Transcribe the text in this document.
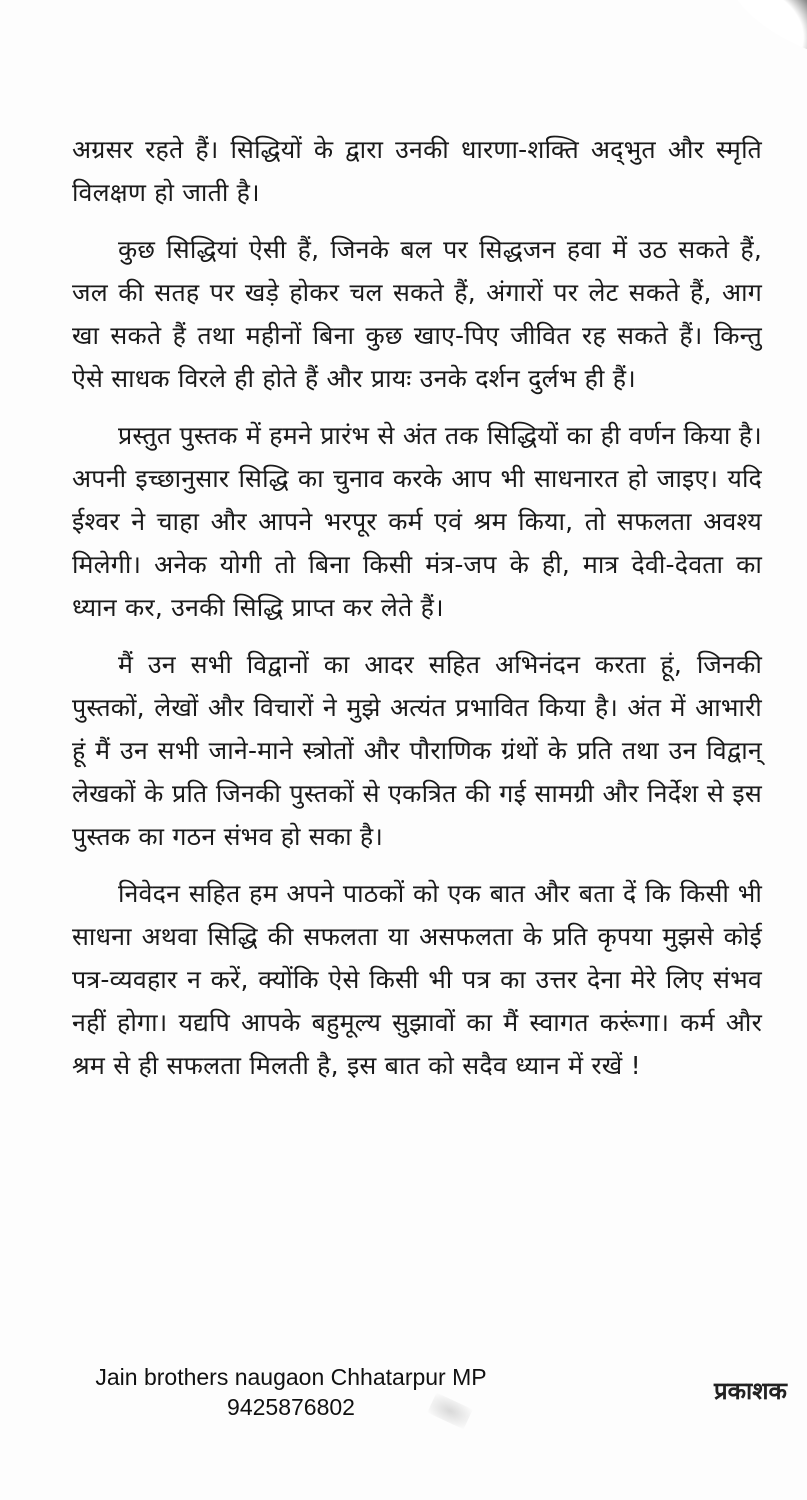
अग्रसर रहते हैं। सिद्धियों के द्वारा उनकी धारणा-शक्ति अद्‌भुत और स्मृति विलक्षण हो जाती है।

कुछ सिद्धियां ऐसी हैं, जिनके बल पर सिद्धजन हवा में उठ सकते हैं, जल की सतह पर खड़े होकर चल सकते हैं, अंगारों पर लेट सकते हैं, आग खा सकते हैं तथा महीनों बिना कुछ खाए-पिए जीवित रह सकते हैं। किन्तु ऐसे साधक विरले ही होते हैं और प्रायः उनके दर्शन दुर्लभ ही हैं।

प्रस्तुत पुस्तक में हमने प्रारंभ से अंत तक सिद्धियों का ही वर्णन किया है। अपनी इच्छानुसार सिद्धि का चुनाव करके आप भी साधनारत हो जाइए। यदि ईश्वर ने चाहा और आपने भरपूर कर्म एवं श्रम किया, तो सफलता अवश्य मिलेगी। अनेक योगी तो बिना किसी मंत्र-जप के ही, मात्र देवी-देवता का ध्यान कर, उनकी सिद्धि प्राप्त कर लेते हैं।

मैं उन सभी विद्वानों का आदर सहित अभिनंदन करता हूं, जिनकी पुस्तकों, लेखों और विचारों ने मुझे अत्यंत प्रभावित किया है। अंत में आभारी हूं मैं उन सभी जाने-माने स्त्रोतों और पौराणिक ग्रंथों के प्रति तथा उन विद्वान् लेखकों के प्रति जिनकी पुस्तकों से एकत्रित की गई सामग्री और निर्देश से इस पुस्तक का गठन संभव हो सका है।

निवेदन सहित हम अपने पाठकों को एक बात और बता दें कि किसी भी साधना अथवा सिद्धि की सफलता या असफलता के प्रति कृपया मुझसे कोई पत्र-व्यवहार न करें, क्योंकि ऐसे किसी भी पत्र का उत्तर देना मेरे लिए संभव नहीं होगा। यद्यपि आपके बहुमूल्य सुझावों का मैं स्वागत करूंगा। कर्म और श्रम से ही सफलता मिलती है, इस बात को सदैव ध्यान में रखें !

Jain brothers naugaon Chhatarpur MP
9425876802
प्रकाशक
